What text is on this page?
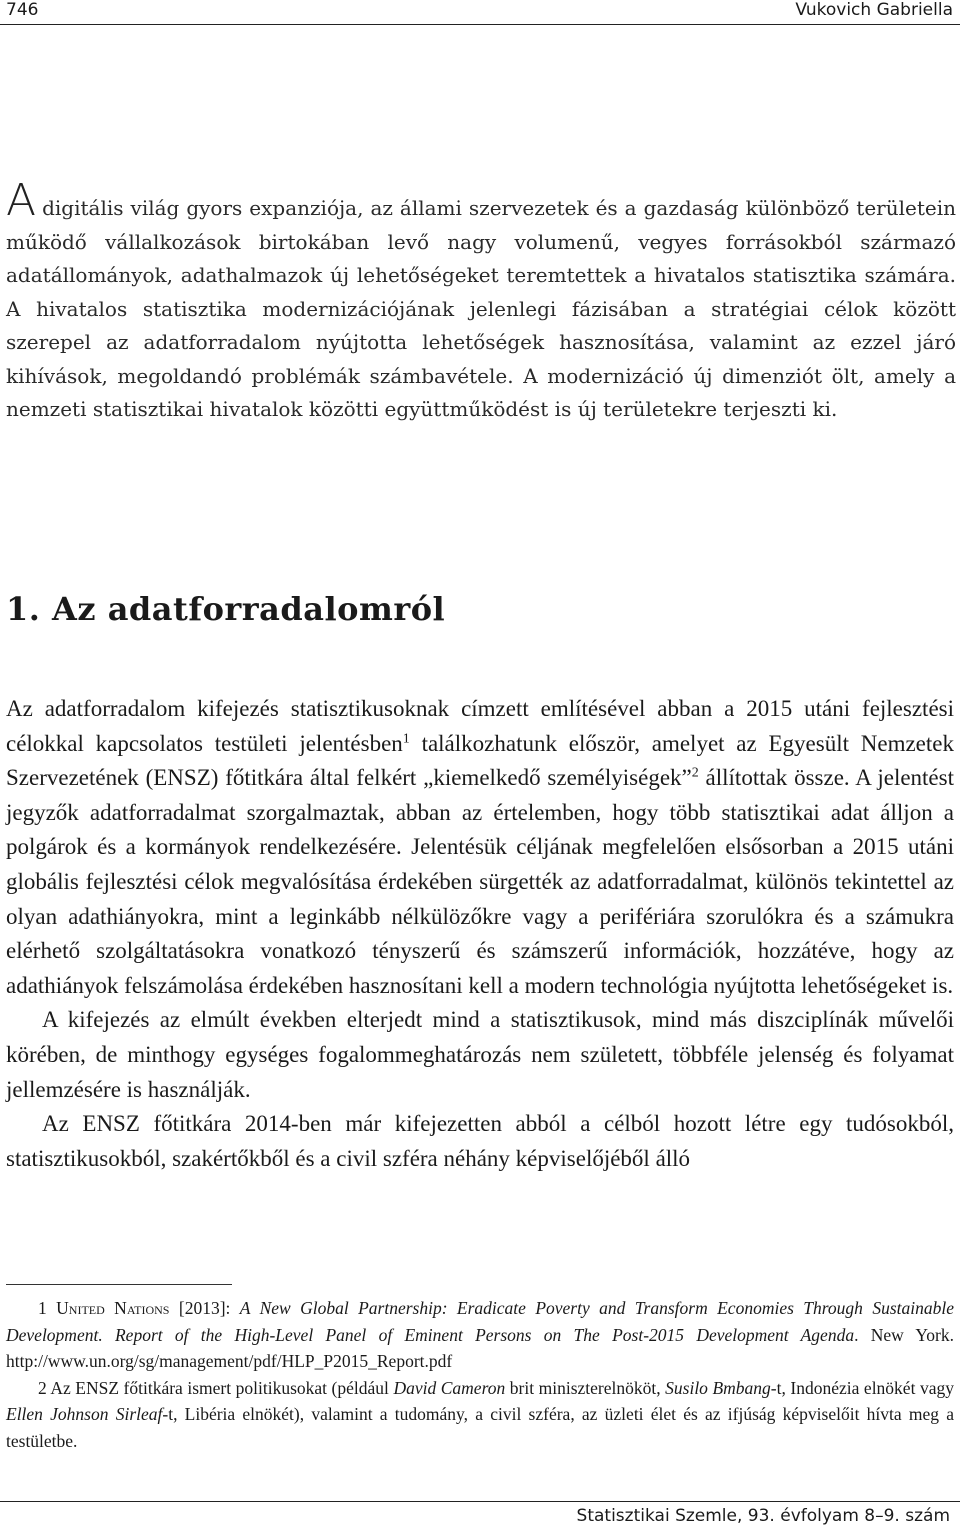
746	Vukovich Gabriella

Adigitális világ gyors expanziója, az állami szervezetek és a gazdaság különböző területein működő vállalkozások birtokában levő nagy volumenű, vegyes forrásokból származó adatállományok, adathalmazok új lehetőségeket teremtettek a hivatalos statisztika számára. A hivatalos statisztika modernizációjának jelenlegi fázisában a stratégiai célok között szerepel az adatforradalom nyújtotta lehetőségek hasznosítása, valamint az ezzel járó kihívások, megoldandó problémák számbavétele. A modernizáció új dimenziót ölt, amely a nemzeti statisztikai hivatalok közötti együttműködést is új területekre terjeszti ki.

1. Az adatforradalomról

Az adatforradalom kifejezés statisztikusoknak címzett említésével abban a 2015 utáni fejlesztési célokkal kapcsolatos testületi jelentésben$^1$ találkozhatunk először, amelyet az Egyesült Nemzetek Szervezetének (ENSZ) főtitkára által felkért „kiemelkedő személyiségek”$^2$ állítottak össze. A jelentést jegyzők adatforradalmat szorgalmaztak, abban az értelemben, hogy több statisztikai adat álljon a polgárok és a kormányok rendelkezésére. Jelentésük céljának megfelelően elsősorban a 2015 utáni globális fejlesztési célok megvalósítása érdekében sürgették az adatforradalmat, különös tekintettel az olyan adathiányokra, mint a leginkább nélkülözőkre vagy a perifériára szorulókra és a számukra elérhető szolgáltatásokra vonatkozó tényszerű és számszerű információk, hozzátéve, hogy az adathiányok felszámolása érdekében hasznosítani kell a modern technológia nyújtotta lehetőségeket is.

A kifejezés az elmúlt években elterjedt mind a statisztikusok, mind más diszciplínák művelői körében, de minthogy egységes fogalommeghatározás nem született, többféle jelenség és folyamat jellemzésére is használják.

Az ENSZ főtitkára 2014-ben már kifejezetten abból a célból hozott létre egy tudósokból, statisztikusokból, szakértőkből és a civil szféra néhány képviselőjéből álló

1 United Nations [2013]: A New Global Partnership: Eradicate Poverty and Transform Economies Through Sustainable Development. Report of the High-Level Panel of Eminent Persons on The Post-2015 Development Agenda. New York. http://www.un.org/sg/management/pdf/HLP_P2015_Report.pdf

2 Az ENSZ főtitkára ismert politikusokat (például David Cameron brit miniszterelnököt, Susilo Bmbang-t, Indonézia elnökét vagy Ellen Johnson Sirleaf-t, Libéria elnökét), valamint a tudomány, a civil szféra, az üzleti élet és az ifjúság képviselőit hívta meg a testületbe.

Statisztikai Szemle, 93. évfolyam 8–9. szám
